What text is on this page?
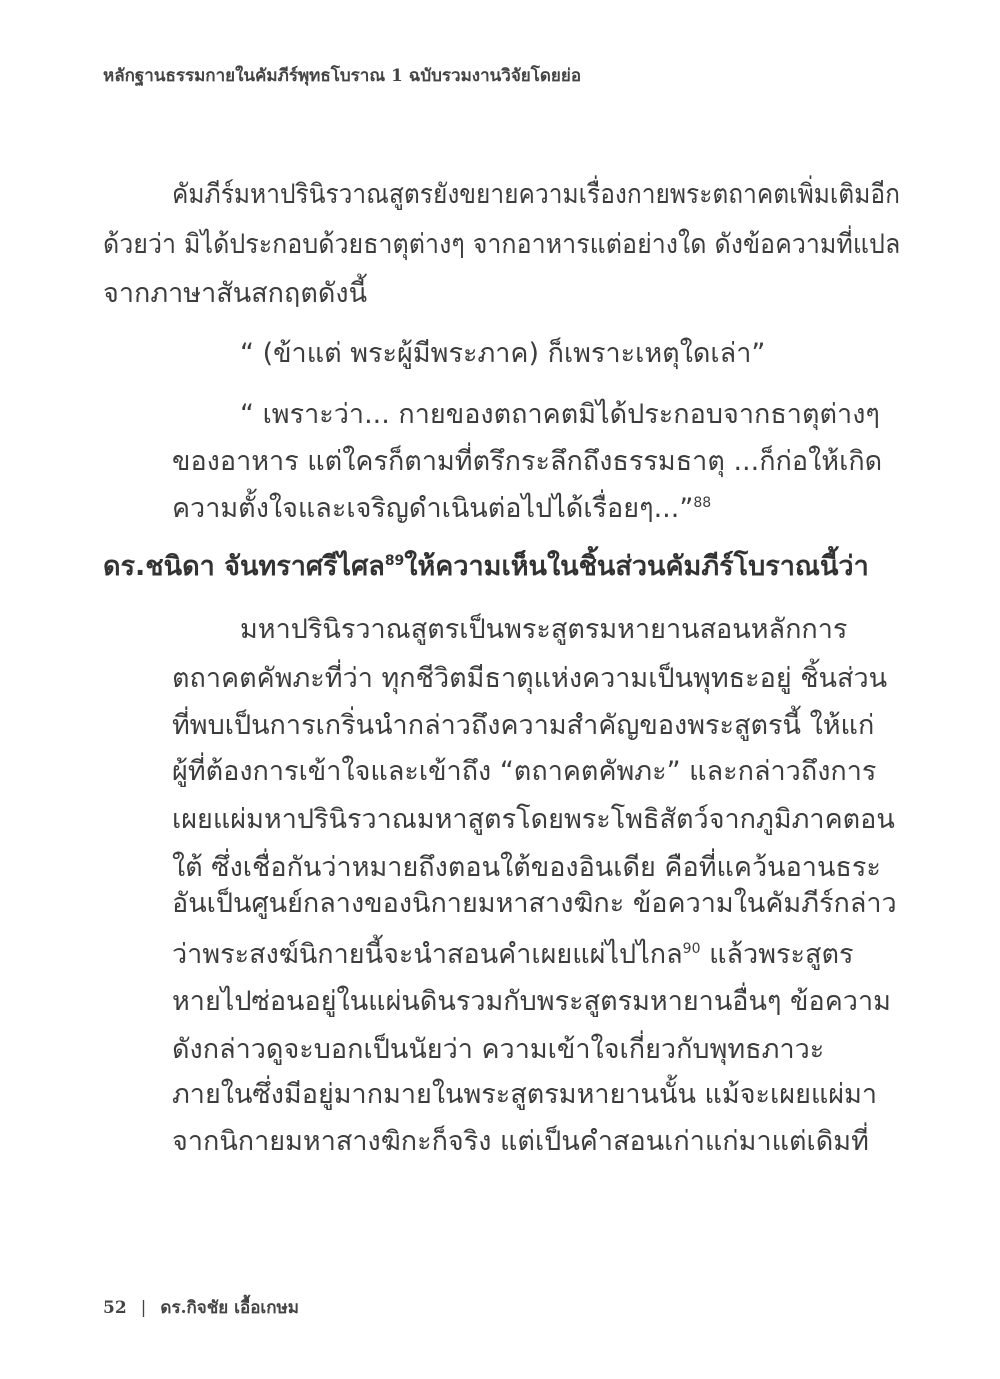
หลักฐานธรรมกายในคัมภีร์พุทธโบราณ 1 ฉบับรวมงานวิจัยโดยย่อ
คัมภีร์มหาปรินิรวาณสูตรยังขยายความเรื่องกายพระตถาคตเพิ่มเติมอีก
ด้วยว่า มิได้ประกอบด้วยธาตุต่างๆ จากอาหารแต่อย่างใด ดังข้อความที่แปล
จากภาษาสันสกฤตดังนี้
“ (ข้าแต่ พระผู้มีพระภาค) ก็เพราะเหตุใดเล่า”
“ เพราะว่า... กายของตถาคตมิได้ประกอบจากธาตุต่างๆ
ของอาหาร แต่ใครก็ตามที่ตรึกระลึกถึงธรรมธาตุ ...ก็ก่อให้เกิด
ความตั้งใจและเจริญดำเนินต่อไปได้เรื่อยๆ...”$^{88}$
ดร.ชนิดา จันทราศรีไศล$^{89}$ให้ความเห็นในชิ้นส่วนคัมภีร์โบราณนี้ว่า
มหาปรินิรวาณสูตรเป็นพระสูตรมหายานสอนหลักการ
ตถาคตคัพภะที่ว่า ทุกชีวิตมีธาตุแห่งความเป็นพุทธะอยู่ ชิ้นส่วน
ที่พบเป็นการเกริ่นนำกล่าวถึงความสำคัญของพระสูตรนี้ ให้แก่
ผู้ที่ต้องการเข้าใจและเข้าถึง “ตถาคตคัพภะ” และกล่าวถึงการ
เผยแผ่มหาปรินิรวาณมหาสูตรโดยพระโพธิสัตว์จากภูมิภาคตอน
ใต้ ซึ่งเชื่อกันว่าหมายถึงตอนใต้ของอินเดีย คือที่แคว้นอานธระ
อันเป็นศูนย์กลางของนิกายมหาสางฆิกะ ข้อความในคัมภีร์กล่าว
ว่าพระสงฆ์นิกายนี้จะนำสอนคำเผยแผ่ไปไกล$^{90}$ แล้วพระสูตร
หายไปซ่อนอยู่ในแผ่นดินรวมกับพระสูตรมหายานอื่นๆ ข้อความ
ดังกล่าวดูจะบอกเป็นนัยว่า ความเข้าใจเกี่ยวกับพุทธภาวะ
ภายในซึ่งมีอยู่มากมายในพระสูตรมหายานนั้น แม้จะเผยแผ่มา
จากนิกายมหาสางฆิกะก็จริง แต่เป็นคำสอนเก่าแก่มาแต่เดิมที่
52 | ดร.กิจชัย เอื้อเกษม
